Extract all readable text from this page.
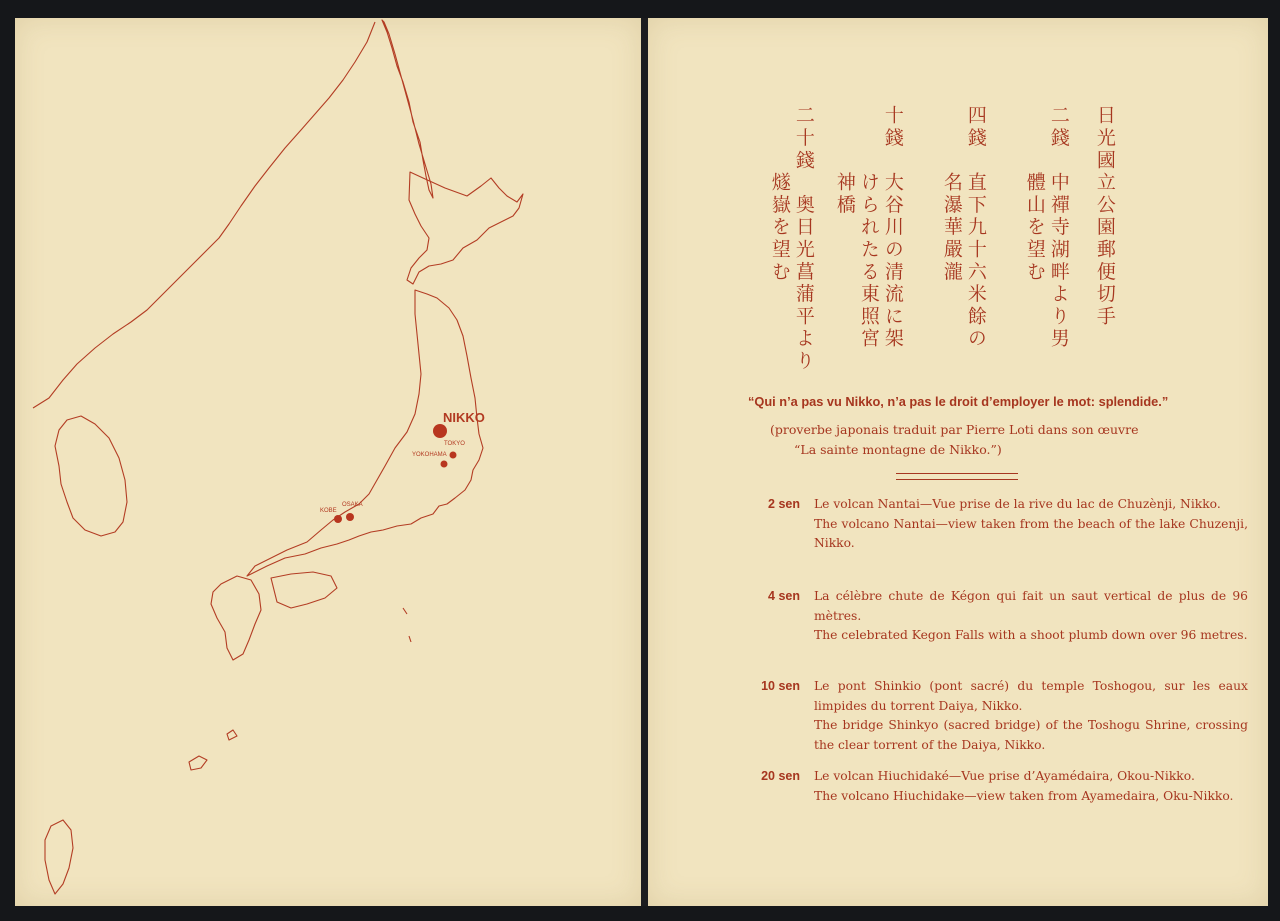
NIKKO
TOKYO
YOKOHAMA
OSAKA
KOBE
日光國立公園郵便切手
二錢　中禪寺湖畔より男
　　　體山を望む
四錢　直下九十六米餘の
　　　名瀑華嚴瀧
十錢　大谷川の清流に架
　　　けられたる東照宮
　　　神橋
二十錢　奥日光菖蒲平より
　　　燧嶽を望む
“Qui n’a pas vu Nikko, n’a pas le droit d’employer le mot: splendide.”
(proverbe japonais traduit par Pierre Loti dans son œuvre
“La sainte montagne de Nikko.”)
2 sen Le volcan Nantai—Vue prise de la rive du lac de Chuzènji, Nikko.

The volcano Nantai—view taken from the beach of the lake Chuzenji, Nikko.

4 sen La célèbre chute de Kégon qui fait un saut vertical de plus de 96 mètres.

The celebrated Kegon Falls with a shoot plumb down over 96 metres.

10 sen Le pont Shinkio (pont sacré) du temple Toshogou, sur les eaux limpides du torrent Daiya, Nikko.

The bridge Shinkyo (sacred bridge) of the Toshogu Shrine, crossing the clear torrent of the Daiya, Nikko.

20 sen Le volcan Hiuchidaké—Vue prise d’Ayamédaira, Okou-Nikko.

The volcano Hiuchidake—view taken from Ayamedaira, Oku-Nikko.
